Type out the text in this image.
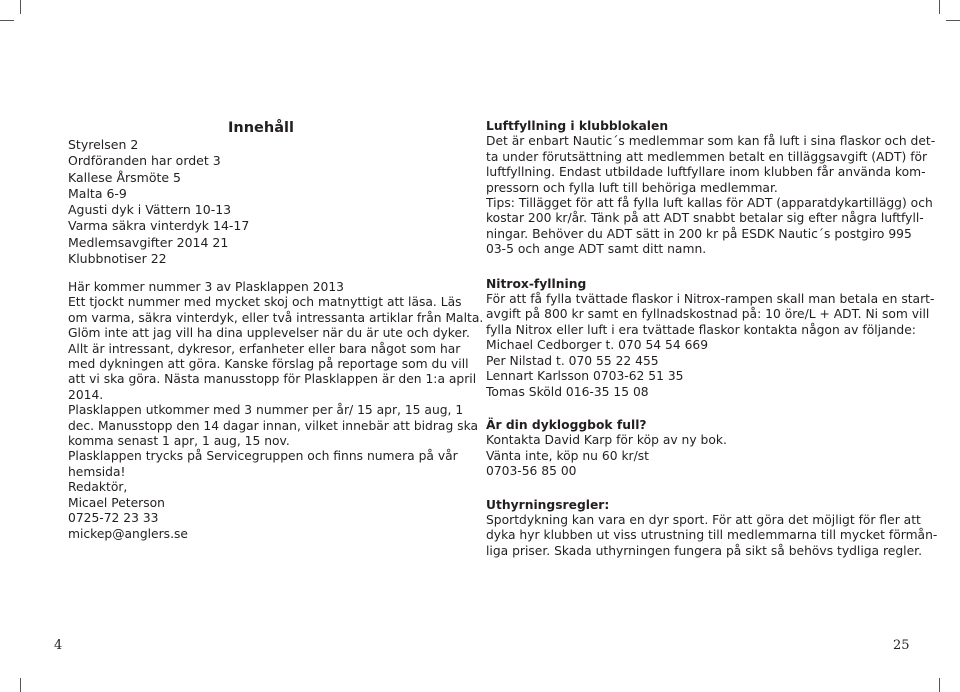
Innehåll
Styrelsen 2
Ordföranden har ordet 3
Kallese Årsmöte 5
Malta 6-9
Agusti dyk i Vättern 10-13
Varma säkra vinterdyk 14-17
Medlemsavgifter 2014 21
Klubbnotiser 22
Här kommer nummer 3 av Plasklappen 2013
Ett tjockt nummer med mycket skoj och matnyttigt att läsa. Läs
om varma, säkra vinterdyk, eller två intressanta artiklar från Malta.
Glöm inte att jag vill ha dina upplevelser när du är ute och dyker.
Allt är intressant, dykresor, erfanheter eller bara något som har
med dykningen att göra. Kanske förslag på reportage som du vill
att vi ska göra. Nästa manusstopp för Plasklappen är den 1:a april
2014.
Plasklappen utkommer med 3 nummer per år/ 15 apr, 15 aug, 1
dec. Manusstopp den 14 dagar innan, vilket innebär att bidrag ska
komma senast 1 apr, 1 aug, 15 nov.
Plasklappen trycks på Servicegruppen och finns numera på vår
hemsida!
Redaktör,
Micael Peterson
0725-72 23 33
mickep@anglers.se
4
Luftfyllning i klubblokalen
Det är enbart Nautic´s medlemmar som kan få luft i sina flaskor och det-
ta under förutsättning att medlemmen betalt en tilläggsavgift (ADT) för
luftfyllning. Endast utbildade luftfyllare inom klubben får använda kom-
pressorn och fylla luft till behöriga medlemmar.
Tips: Tillägget för att få fylla luft kallas för ADT (apparatdykartillägg) och
kostar 200 kr/år. Tänk på att ADT snabbt betalar sig efter några luftfyll-
ningar. Behöver du ADT sätt in 200 kr på ESDK Nautic´s postgiro 995
03-5 och ange ADT samt ditt namn.
Nitrox-fyllning
För att få fylla tvättade flaskor i Nitrox-rampen skall man betala en start-
avgift på 800 kr samt en fyllnadskostnad på: 10 öre/L + ADT. Ni som vill
fylla Nitrox eller luft i era tvättade flaskor kontakta någon av följande:
Michael Cedborger t. 070 54 54 669
Per Nilstad t. 070 55 22 455
Lennart Karlsson 0703-62 51 35
Tomas Sköld 016-35 15 08
Är din dykloggbok full?
Kontakta David Karp för köp av ny bok.
Vänta inte, köp nu 60 kr/st
0703-56 85 00
Uthyrningsregler:
Sportdykning kan vara en dyr sport. För att göra det möjligt för fler att
dyka hyr klubben ut viss utrustning till medlemmarna till mycket förmån-
liga priser. Skada uthyrningen fungera på sikt så behövs tydliga regler.
25
